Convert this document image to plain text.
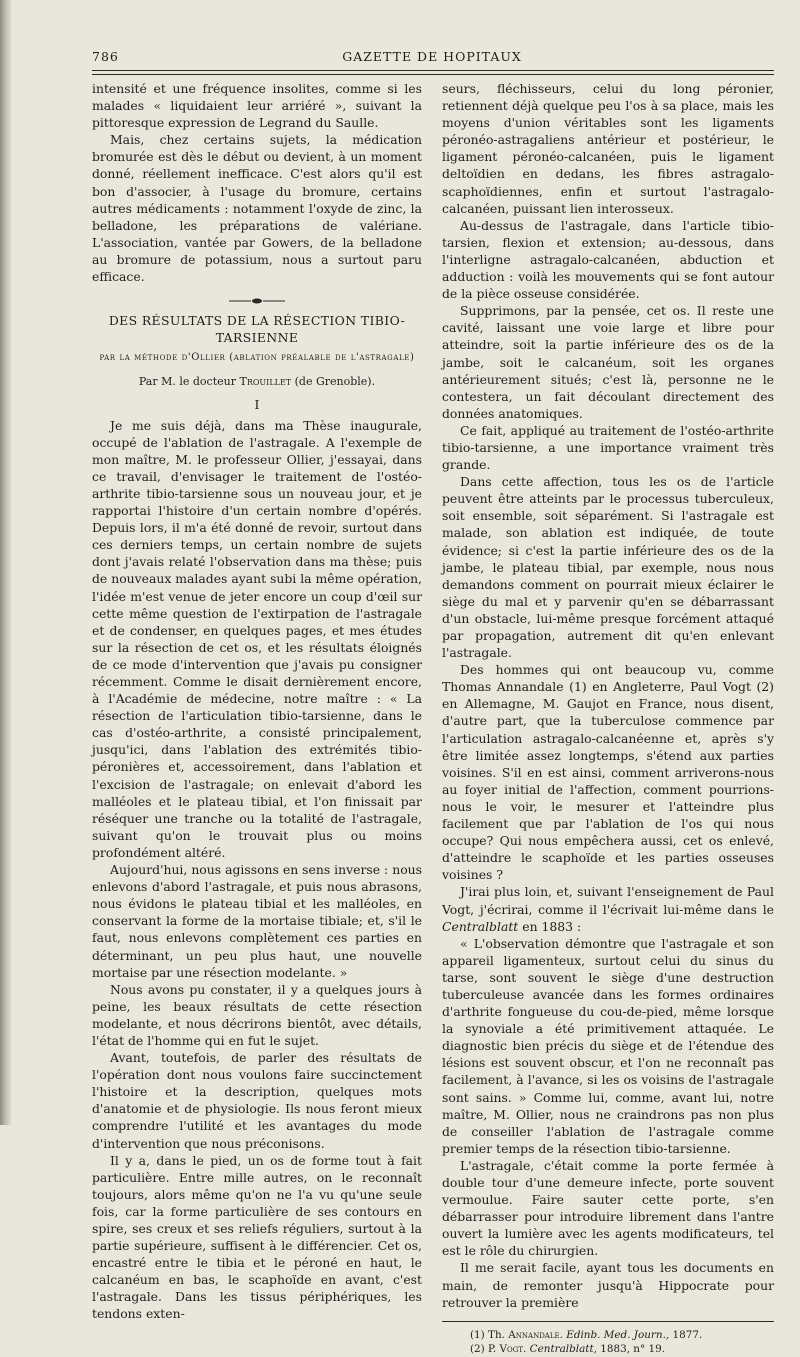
786	GAZETTE DE HOPITAUX

intensité et une fréquence insolites, comme si les malades « liquidaient leur arriéré », suivant la pittoresque expression de Legrand du Saulle.

Mais, chez certains sujets, la médication bromurée est dès le début ou devient, à un moment donné, réellement inefficace. C'est alors qu'il est bon d'associer, à l'usage du bromure, certains autres médicaments : notamment l'oxyde de zinc, la belladone, les préparations de valériane. L'association, vantée par Gowers, de la belladone au bromure de potassium, nous a surtout paru efficace.

DES RÉSULTATS DE LA RÉSECTION TIBIO-TARSIENNE
par la méthode d'Ollier (ablation préalable de l'astragale)
Par M. le docteur Trouillet (de Grenoble).
I

Je me suis déjà, dans ma Thèse inaugurale, occupé de l'ablation de l'astragale. A l'exemple de mon maître, M. le professeur Ollier, j'essayai, dans ce travail, d'envisager le traitement de l'ostéo-arthrite tibio-tarsienne sous un nouveau jour, et je rapportai l'histoire d'un certain nombre d'opérés. Depuis lors, il m'a été donné de revoir, surtout dans ces derniers temps, un certain nombre de sujets dont j'avais relaté l'observation dans ma thèse; puis de nouveaux malades ayant subi la même opération, l'idée m'est venue de jeter encore un coup d'œil sur cette même question de l'extirpation de l'astragale et de condenser, en quelques pages, et mes études sur la résection de cet os, et les résultats éloignés de ce mode d'intervention que j'avais pu consigner récemment. Comme le disait dernièrement encore, à l'Académie de médecine, notre maître : « La résection de l'articulation tibio-tarsienne, dans le cas d'ostéo-arthrite, a consisté principalement, jusqu'ici, dans l'ablation des extrémités tibio-péronières et, accessoirement, dans l'ablation et l'excision de l'astragale; on enlevait d'abord les malléoles et le plateau tibial, et l'on finissait par réséquer une tranche ou la totalité de l'astragale, suivant qu'on le trouvait plus ou moins profondément altéré.

Aujourd'hui, nous agissons en sens inverse : nous enlevons d'abord l'astragale, et puis nous abrasons, nous évidons le plateau tibial et les malléoles, en conservant la forme de la mortaise tibiale; et, s'il le faut, nous enlevons complètement ces parties en déterminant, un peu plus haut, une nouvelle mortaise par une résection modelante. »

Nous avons pu constater, il y a quelques jours à peine, les beaux résultats de cette résection modelante, et nous décrirons bientôt, avec détails, l'état de l'homme qui en fut le sujet.

Avant, toutefois, de parler des résultats de l'opération dont nous voulons faire succinctement l'histoire et la description, quelques mots d'anatomie et de physiologie. Ils nous feront mieux comprendre l'utilité et les avantages du mode d'intervention que nous préconisons.

Il y a, dans le pied, un os de forme tout à fait particulière. Entre mille autres, on le reconnaît toujours, alors même qu'on ne l'a vu qu'une seule fois, car la forme particulière de ses contours en spire, ses creux et ses reliefs réguliers, surtout à la partie supérieure, suffisent à le différencier. Cet os, encastré entre le tibia et le péroné en haut, le calcanéum en bas, le scaphoïde en avant, c'est l'astragale. Dans les tissus périphériques, les tendons exten-

seurs, fléchisseurs, celui du long péronier, retiennent déjà quelque peu l'os à sa place, mais les moyens d'union véritables sont les ligaments péronéo-astragaliens antérieur et postérieur, le ligament péronéo-calcanéen, puis le ligament deltoïdien en dedans, les fibres astragalo-scaphoïdiennes, enfin et surtout l'astragalo-calcanéen, puissant lien interosseux.

Au-dessus de l'astragale, dans l'article tibio-tarsien, flexion et extension; au-dessous, dans l'interligne astragalo-calcanéen, abduction et adduction : voilà les mouvements qui se font autour de la pièce osseuse considérée.

Supprimons, par la pensée, cet os. Il reste une cavité, laissant une voie large et libre pour atteindre, soit la partie inférieure des os de la jambe, soit le calcanéum, soit les organes antérieurement situés; c'est là, personne ne le contestera, un fait découlant directement des données anatomiques.

Ce fait, appliqué au traitement de l'ostéo-arthrite tibio-tarsienne, a une importance vraiment très grande.

Dans cette affection, tous les os de l'article peuvent être atteints par le processus tuberculeux, soit ensemble, soit séparément. Si l'astragale est malade, son ablation est indiquée, de toute évidence; si c'est la partie inférieure des os de la jambe, le plateau tibial, par exemple, nous nous demandons comment on pourrait mieux éclairer le siège du mal et y parvenir qu'en se débarrassant d'un obstacle, lui-même presque forcément attaqué par propagation, autrement dit qu'en enlevant l'astragale.

Des hommes qui ont beaucoup vu, comme Thomas Annandale (1) en Angleterre, Paul Vogt (2) en Allemagne, M. Gaujot en France, nous disent, d'autre part, que la tuberculose commence par l'articulation astragalo-calcanéenne et, après s'y être limitée assez longtemps, s'étend aux parties voisines. S'il en est ainsi, comment arriverons-nous au foyer initial de l'affection, comment pourrions-nous le voir, le mesurer et l'atteindre plus facilement que par l'ablation de l'os qui nous occupe? Qui nous empêchera aussi, cet os enlevé, d'atteindre le scaphoïde et les parties osseuses voisines ?

J'irai plus loin, et, suivant l'enseignement de Paul Vogt, j'écrirai, comme il l'écrivait lui-même dans le Centralblatt en 1883 :

« L'observation démontre que l'astragale et son appareil ligamenteux, surtout celui du sinus du tarse, sont souvent le siège d'une destruction tuberculeuse avancée dans les formes ordinaires d'arthrite fongueuse du cou-de-pied, même lorsque la synoviale a été primitivement attaquée. Le diagnostic bien précis du siège et de l'étendue des lésions est souvent obscur, et l'on ne reconnaît pas facilement, à l'avance, si les os voisins de l'astragale sont sains. » Comme lui, comme, avant lui, notre maître, M. Ollier, nous ne craindrons pas non plus de conseiller l'ablation de l'astragale comme premier temps de la résection tibio-tarsienne.

L'astragale, c'était comme la porte fermée à double tour d'une demeure infecte, porte souvent vermoulue. Faire sauter cette porte, s'en débarrasser pour introduire librement dans l'antre ouvert la lumière avec les agents modificateurs, tel est le rôle du chirurgien.

Il me serait facile, ayant tous les documents en main, de remonter jusqu'à Hippocrate pour retrouver la première

(1) Th. Annandale. Edinb. Med. Journ., 1877.

(2) P. Vogt. Centralblatt, 1883, n° 19.
